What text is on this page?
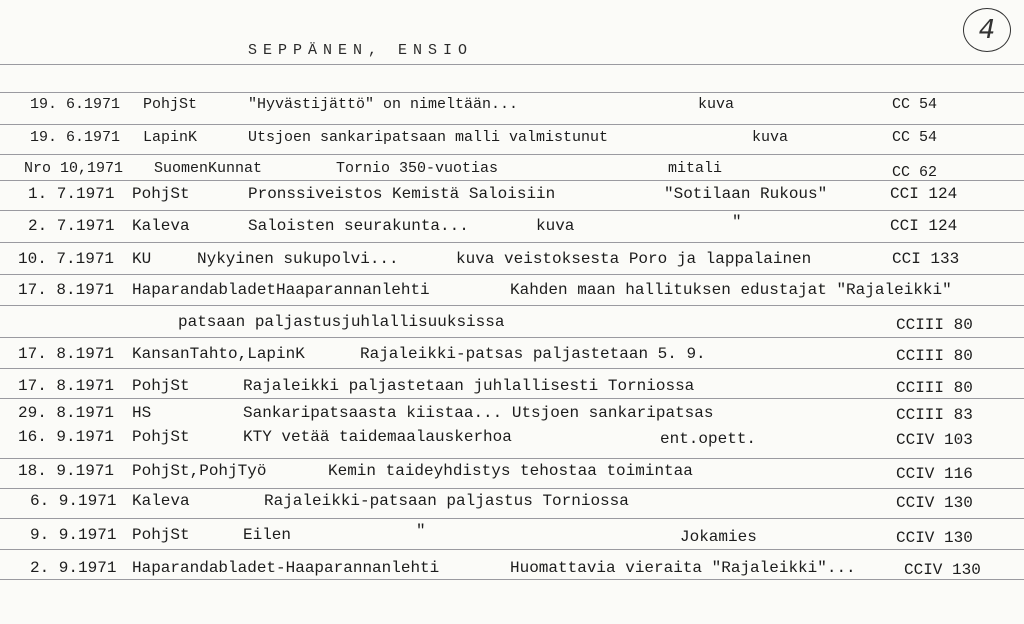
SEPPÄNEN, ENSIO
4
19. 6.1971 PohjSt	"Hyvästijättö" on nimeltään...	kuva	CC 54
19. 6.1971 LapinK	Utsjoen sankaripatsaan malli valmistunut	kuva	CC 54
Nro 10,1971 SuomenKunnat	Tornio 350-vuotias	mitali	CC 62
1. 7.1971 PohjSt	Pronssiveistos Kemistä Saloisiin	"Sotilaan Rukous"	CCI 124
2. 7.1971 Kaleva	Saloisten seurakunta...	kuva	"	CCI 124
10. 7.1971 KU	Nykyinen sukupolvi...	kuva veistoksesta Poro ja lappalainen	CCI 133
17. 8.1971 HaparandabladetHaaparannanlehti	Kahden maan hallituksen edustajat "Rajaleikki"
patsaan paljastusjuhlallisuuksissa	CCIII 80
17. 8.1971 KansanTahto,LapinK	Rajaleikki-patsas paljastetaan 5. 9.	CCIII 80
17. 8.1971 PohjSt	Rajaleikki paljastetaan juhlallisesti Torniossa	CCIII 80
29. 8.1971 HS	Sankaripatsaasta kiistaa... Utsjoen sankaripatsas	CCIII 83
16. 9.1971 PohjSt	KTY vetää taidemaalauskerhoa	ent.opett.	CCIV 103
18. 9.1971 PohjSt,PohjTyö	Kemin taideyhdistys tehostaa toimintaa	CCIV 116
6. 9.1971 Kaleva	Rajaleikki-patsaan paljastus Torniossa	CCIV 130
9. 9.1971 PohjSt	Eilen	"	Jokamies	CCIV 130
2. 9.1971 Haparandabladet-Haaparannanlehti	Huomattavia vieraita "Rajaleikki"...	CCIV 130
